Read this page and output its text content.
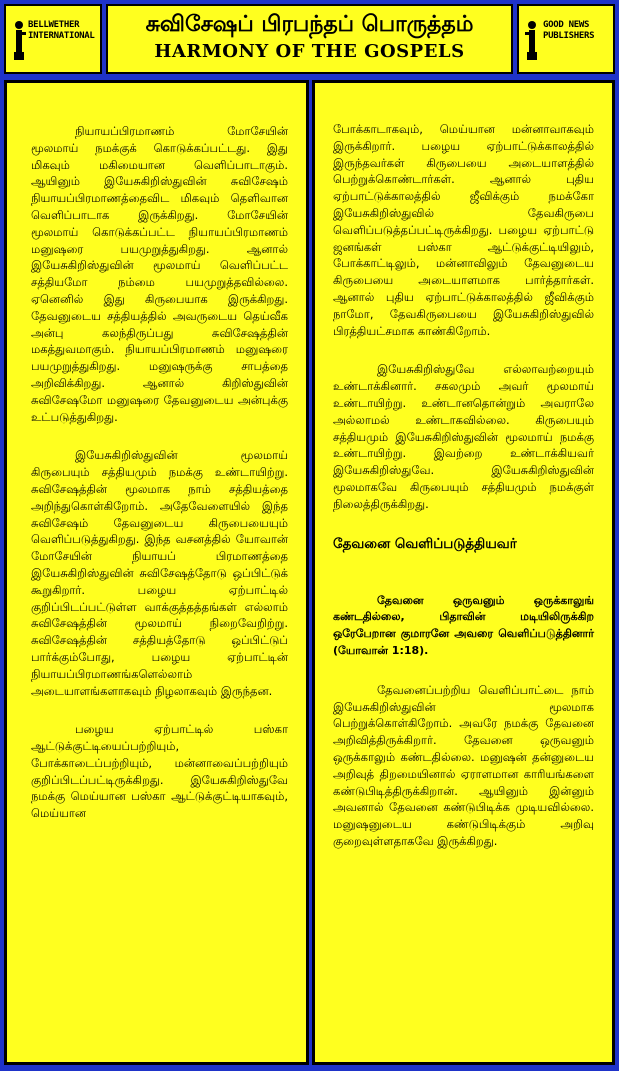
BELLWETHER INTERNATIONAL	சுவிசேஷப் பிரபந்தப் பொருத்தம்
HARMONY OF THE GOSPELS
GOOD NEWS PUBLISHERS

நியாயப்பிரமாணம் மோசேயின் மூலமாய் நமக்குக் கொடுக்கப்பட்டது. இது மிகவும் மகிமையான வெளிப்பாடாகும். ஆயினும் இயேசுகிறிஸ்துவின் சுவிசேஷம் நியாயப்பிரமாணத்தைவிட மிகவும் தெளிவான வெளிப்பாடாக இருக்கிறது. மோசேயின் மூலமாய் கொடுக்கப்பட்ட நியாயப்பிரமாணம் மனுஷரை பயமுறுத்துகிறது. ஆனால் இயேசுகிறிஸ்துவின் மூலமாய் வெளிப்பட்ட சத்தியமோ நம்மை பயமுறுத்தவில்லை. ஏனெனில் இது கிருபையாக இருக்கிறது. தேவனுடைய சத்தியத்தில் அவருடைய தெய்வீக அன்பு கலந்திருப்பது சுவிசேஷத்தின் மகத்துவமாகும். நியாயப்பிரமாணம் மனுஷரை பயமுறுத்துகிறது. மனுஷருக்கு சாபத்தை அறிவிக்கிறது. ஆனால் கிறிஸ்துவின் சுவிசேஷமோ மனுஷரை தேவனுடைய அன்புக்கு உட்படுத்துகிறது.

இயேசுகிறிஸ்துவின் மூலமாய் கிருபையும் சத்தியமும் நமக்கு உண்டாயிற்று. சுவிசேஷத்தின் மூலமாக நாம் சத்தியத்தை அறிந்துகொள்கிறோம். அதேவேளையில் இந்த சுவிசேஷம் தேவனுடைய கிருபையையும் வெளிப்படுத்துகிறது. இந்த வசனத்தில் யோவான் மோசேயின் நியாயப் பிரமாணத்தை இயேசுகிறிஸ்துவின் சுவிசேஷத்தோடு ஒப்பிட்டுக் கூறுகிறார். பழைய ஏற்பாட்டில் குறிப்பிடப்பட்டுள்ள வாக்குத்தத்தங்கள் எல்லாம் சுவிசேஷத்தின் மூலமாய் நிறைவேறிற்று. சுவிசேஷத்தின் சத்தியத்தோடு ஒப்பிட்டுப் பார்க்கும்போது, பழைய ஏற்பாட்டின் நியாயப்பிரமாணங்களெல்லாம் அடையாளங்களாகவும் நிழலாகவும் இருந்தன.

பழைய ஏற்பாட்டில் பஸ்கா ஆட்டுக்குட்டியைப்பற்றியும், போக்காடைப்பற்றியும், மன்னாவைப்பற்றியும் குறிப்பிடப்பட்டிருக்கிறது. இயேசுகிறிஸ்துவே நமக்கு மெய்யான பஸ்கா ஆட்டுக்குட்டியாகவும், மெய்யான

போக்காடாகவும், மெய்யான மன்னாவாகவும் இருக்கிறார். பழைய ஏற்பாட்டுக்காலத்தில் இருந்தவர்கள் கிருபையை அடையாளத்தில் பெற்றுக்கொண்டார்கள். ஆனால் புதிய ஏற்பாட்டுக்காலத்தில் ஜீவிக்கும் நமக்கோ இயேசுகிறிஸ்துவில் தேவகிருபை வெளிப்படுத்தப்பட்டிருக்கிறது. பழைய ஏற்பாட்டு ஜனங்கள் பஸ்கா ஆட்டுக்குட்டியிலும், போக்காட்டிலும், மன்னாவிலும் தேவனுடைய கிருபையை அடையாளமாக பார்த்தார்கள். ஆனால் புதிய ஏற்பாட்டுக்காலத்தில் ஜீவிக்கும் நாமோ, தேவகிருபையை இயேசுகிறிஸ்துவில் பிரத்தியட்சமாக காண்கிறோம்.

இயேசுகிறிஸ்துவே எல்லாவற்றையும் உண்டாக்கினார். சகலமும் அவர் மூலமாய் உண்டாயிற்று. உண்டானதொன்றும் அவராலே அல்லாமல் உண்டாகவில்லை. கிருபையும் சத்தியமும் இயேசுகிறிஸ்துவின் மூலமாய் நமக்கு உண்டாயிற்று. இவற்றை உண்டாக்கியவர் இயேசுகிறிஸ்துவே. இயேசுகிறிஸ்துவின் மூலமாகவே கிருபையும் சத்தியமும் நமக்குள் நிலைத்திருக்கிறது.

தேவனை வெளிப்படுத்தியவர்

தேவனை ஒருவனும் ஒருக்காலுங் கண்டதில்லை, பிதாவின் மடியிலிருக்கிற ஒரேபேறான குமாரனே அவரை வெளிப்படுத்தினார் (யோவான் 1:18).

தேவனைப்பற்றிய வெளிப்பாட்டை நாம் இயேசுகிறிஸ்துவின் மூலமாக பெற்றுக்கொள்கிறோம். அவரே நமக்கு தேவனை அறிவித்திருக்கிறார். தேவனை ஒருவனும் ஒருக்காலும் கண்டதில்லை. மனுஷன் தன்னுடைய அறிவுத் திறமையினால் ஏராளமான காரியங்களை கண்டுபிடித்திருக்கிறான். ஆயினும் இன்னும் அவனால் தேவனை கண்டுபிடிக்க முடியவில்லை. மனுஷனுடைய கண்டுபிடிக்கும் அறிவு குறைவுள்ளதாகவே இருக்கிறது.
